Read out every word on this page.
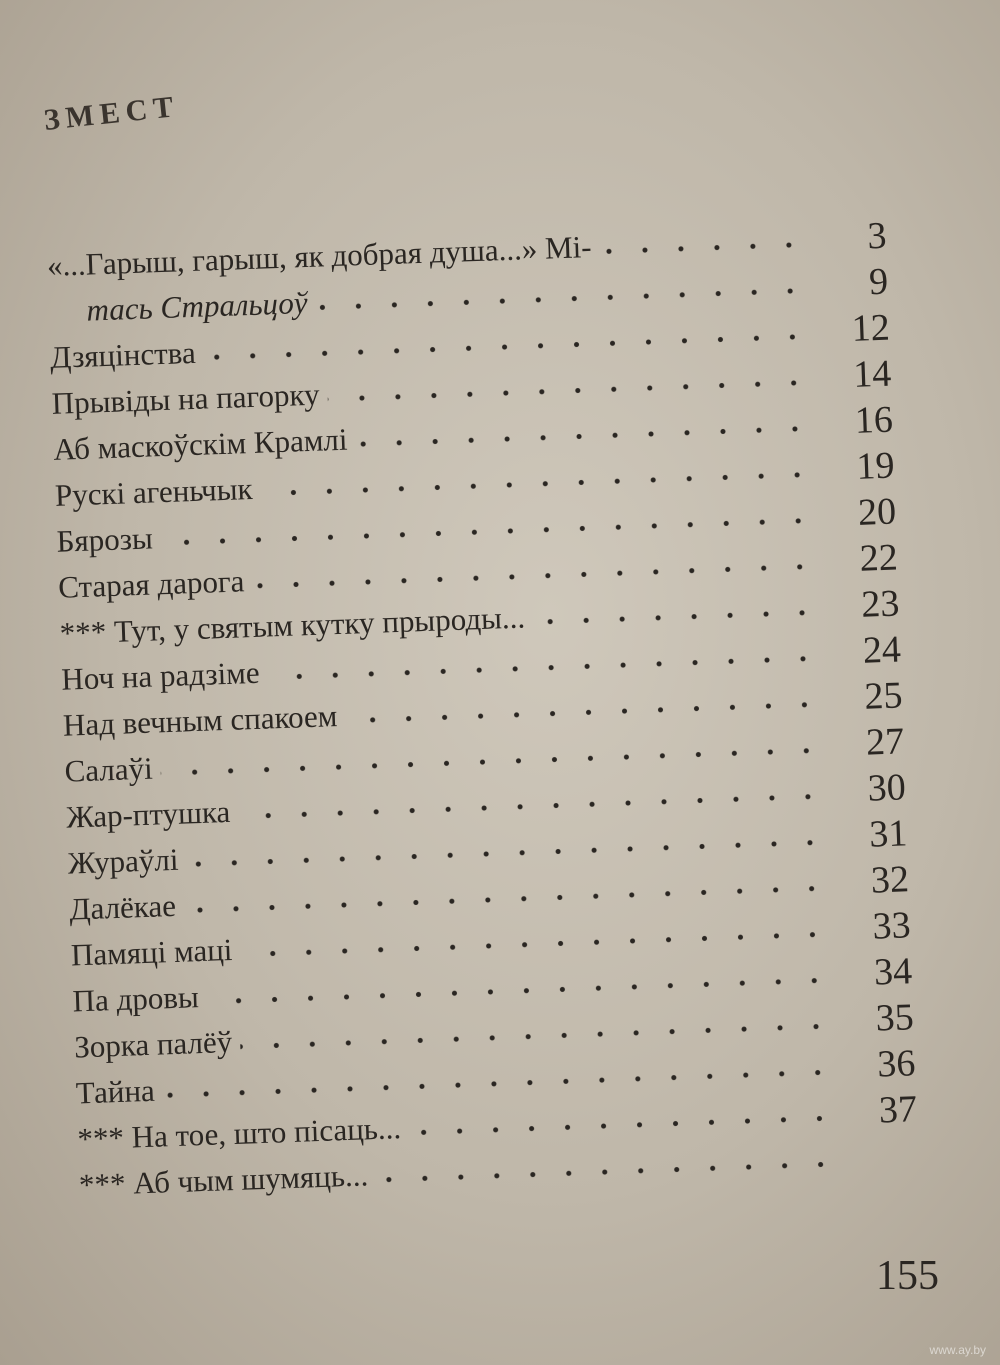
ЗМЕСТ
«...Гарыш, гарыш, як добрая душа...» Мі-	3
тась Стральцоў
9
Дзяцінства
12
Прывіды на пагорку
14
Аб маскоўскім Крамлі
16
Рускі агеньчык
19
Бярозы
20
Старая дарога
22
*** Тут, у святым кутку прыроды...	23
Ноч на радзіме
24
Над вечным спакоем
25
Салаўі
27
Жар-птушка
30
Жураўлі
31
Далёкае
32
Памяці маці
33
Па дровы
34
Зорка палёў
35
Тайна
36
*** На тое, што пісаць...
37
*** Аб чым шумяць...
155
www.ay.by
